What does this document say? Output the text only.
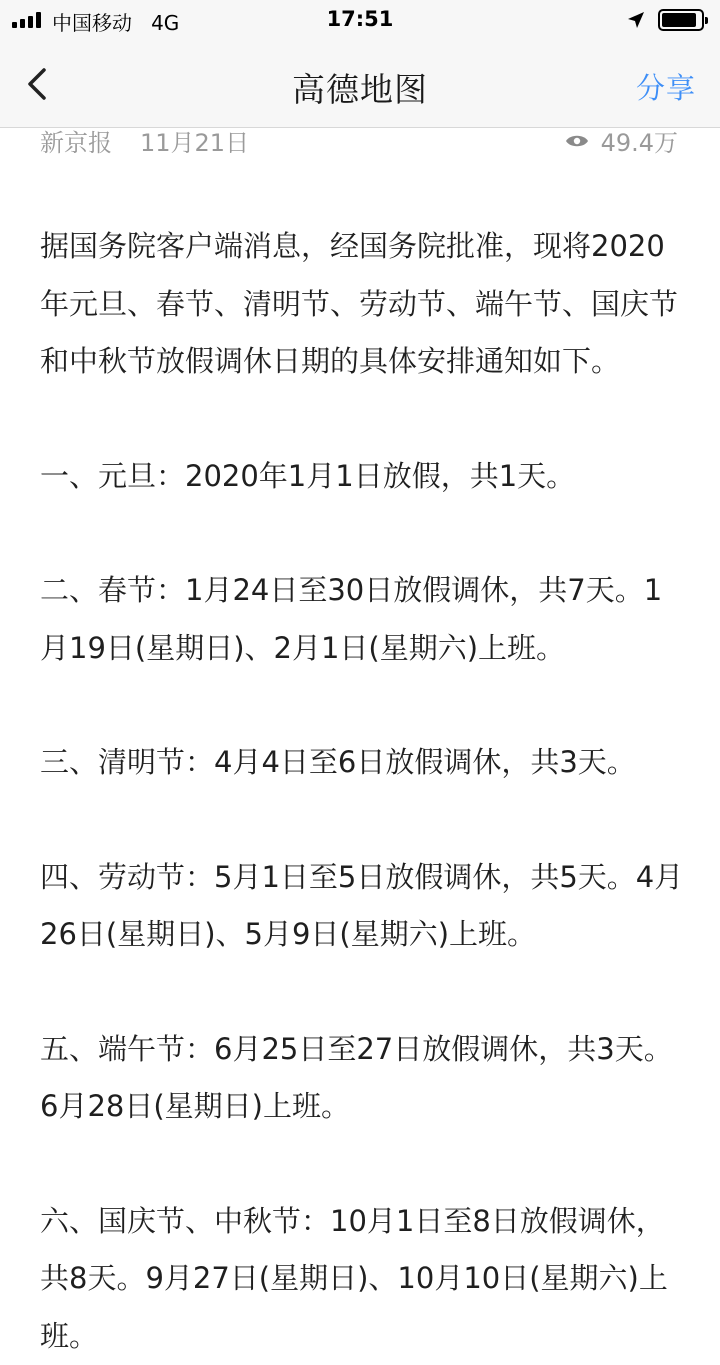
中国移动 4G	17:51
高德地图	分享
新京报 11月21日	49.4万

据国务院客户端消息，经国务院批准，现将2020年元旦、春节、清明节、劳动节、端午节、国庆节和中秋节放假调休日期的具体安排通知如下。

一、元旦：2020年1月1日放假，共1天。

二、春节：1月24日至30日放假调休，共7天。1月19日(星期日)、2月1日(星期六)上班。

三、清明节：4月4日至6日放假调休，共3天。

四、劳动节：5月1日至5日放假调休，共5天。4月26日(星期日)、5月9日(星期六)上班。

五、端午节：6月25日至27日放假调休，共3天。6月28日(星期日)上班。

六、国庆节、中秋节：10月1日至8日放假调休，共8天。9月27日(星期日)、10月10日(星期六)上班。
